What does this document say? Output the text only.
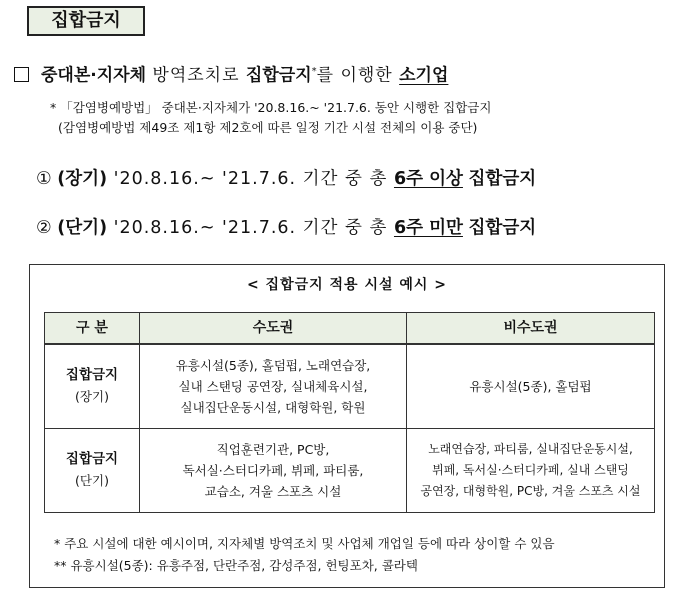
집합금지
중대본·지자체 방역조치로 집합금지*를 이행한 소기업
* 「감염병예방법」 중대본·지자체가 '20.8.16.~ '21.7.6. 동안 시행한 집합금지
(감염병예방법 제49조 제1항 제2호에 따른 일정 기간 시설 전체의 이용 중단)
① (장기) '20.8.16.~ '21.7.6. 기간 중 총 6주 이상 집합금지
② (단기) '20.8.16.~ '21.7.6. 기간 중 총 6주 미만 집합금지
< 집합금지 적용 시설 예시 >
구 분	수도권	비수도권

집합금지
(장기)	유흥시설(5종), 홀덤펍, 노래연습장,
실내 스탠딩 공연장, 실내체육시설,
실내집단운동시설, 대형학원, 학원	유흥시설(5종), 홀덤펍

집합금지
(단기)	직업훈련기관, PC방,
독서실·스터디카페, 뷔페, 파티룸,
교습소, 겨울 스포츠 시설	노래연습장, 파티룸, 실내집단운동시설,
뷔페, 독서실·스터디카페, 실내 스탠딩
공연장, 대형학원, PC방, 겨울 스포츠 시설
* 주요 시설에 대한 예시이며, 지자체별 방역조치 및 사업체 개업일 등에 따라 상이할 수 있음
** 유흥시설(5종): 유흥주점, 단란주점, 감성주점, 헌팅포차, 콜라텍
